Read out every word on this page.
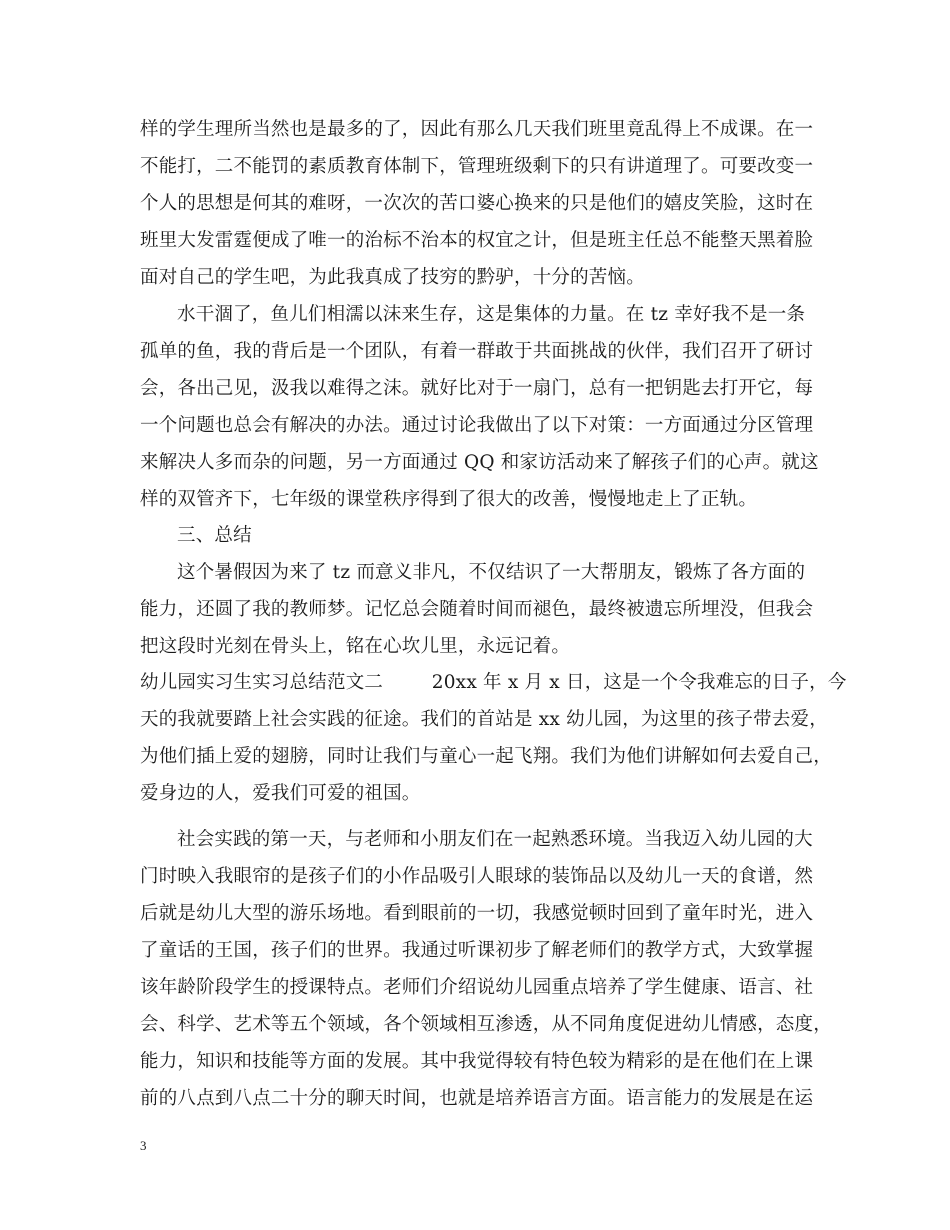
样的学生理所当然也是最多的了，因此有那么几天我们班里竟乱得上不成课。在一
不能打，二不能罚的素质教育体制下，管理班级剩下的只有讲道理了。可要改变一
个人的思想是何其的难呀，一次次的苦口婆心换来的只是他们的嬉皮笑脸，这时在
班里大发雷霆便成了唯一的治标不治本的权宜之计，但是班主任总不能整天黑着脸
面对自己的学生吧，为此我真成了技穷的黔驴，十分的苦恼。
水干涸了，鱼儿们相濡以沫来生存，这是集体的力量。在 tz 幸好我不是一条
孤单的鱼，我的背后是一个团队，有着一群敢于共面挑战的伙伴，我们召开了研讨
会，各出己见，汲我以难得之沫。就好比对于一扇门，总有一把钥匙去打开它，每
一个问题也总会有解决的办法。通过讨论我做出了以下对策：一方面通过分区管理
来解决人多而杂的问题，另一方面通过 QQ 和家访活动来了解孩子们的心声。就这
样的双管齐下，七年级的课堂秩序得到了很大的改善，慢慢地走上了正轨。
三、总结
这个暑假因为来了 tz 而意义非凡，不仅结识了一大帮朋友，锻炼了各方面的
能力，还圆了我的教师梦。记忆总会随着时间而褪色，最终被遗忘所埋没，但我会
把这段时光刻在骨头上，铭在心坎儿里，永远记着。
幼儿园实习生实习总结范文二        20xx 年 x 月 x 日，这是一个令我难忘的日子，今
天的我就要踏上社会实践的征途。我们的首站是 xx 幼儿园，为这里的孩子带去爱，
为他们插上爱的翅膀，同时让我们与童心一起飞翔。我们为他们讲解如何去爱自己，
爱身边的人，爱我们可爱的祖国。
社会实践的第一天，与老师和小朋友们在一起熟悉环境。当我迈入幼儿园的大
门时映入我眼帘的是孩子们的小作品吸引人眼球的装饰品以及幼儿一天的食谱，然
后就是幼儿大型的游乐场地。看到眼前的一切，我感觉顿时回到了童年时光，进入
了童话的王国，孩子们的世界。我通过听课初步了解老师们的教学方式，大致掌握
该年龄阶段学生的授课特点。老师们介绍说幼儿园重点培养了学生健康、语言、社
会、科学、艺术等五个领域，各个领域相互渗透，从不同角度促进幼儿情感，态度，
能力，知识和技能等方面的发展。其中我觉得较有特色较为精彩的是在他们在上课
前的八点到八点二十分的聊天时间，也就是培养语言方面。语言能力的发展是在运
3
